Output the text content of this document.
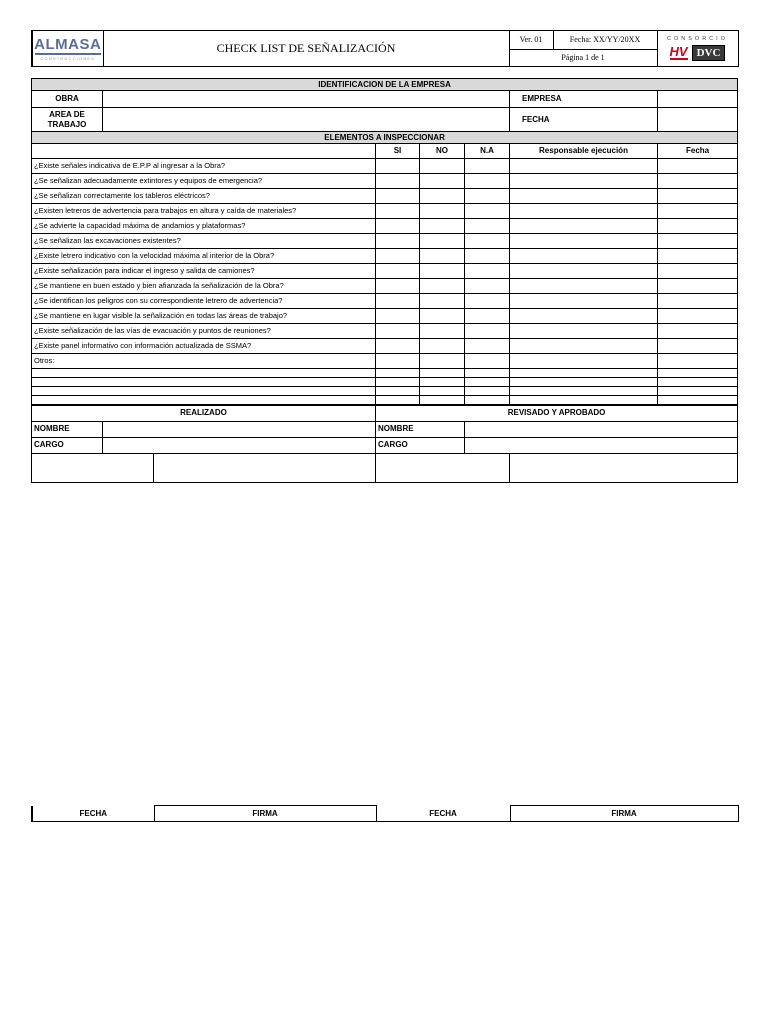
ALMASA
CONSTRUCCIONES
	CHECK LIST DE SEÑALIZACIÓN	Ver. 01	Fecha: XX/YY/20XX	CONSORCIO
HV DVC

Página 1 de 1
IDENTIFICACION DE LA EMPRESA							
OBRA						EMPRESA	
AREA DE TRABAJO						FECHA	
ELEMENTOS A INSPECCIONAR							
			SI	NO	N.A	Responsable ejecución	Fecha
¿Existe señales indicativa de E.P.P al ingresar a la Obra?							
¿Se señalizan adecuadamente extintores y equipos de emergencia?							
¿Se señalizan correctamente los tableros eléctricos?							
¿Existen letreros de advertencia para trabajos en altura y caída de materiales?							
¿Se advierte la capacidad máxima de andamios y plataformas?							
¿Se señalizan las excavaciones existentes?							
¿Existe letrero indicativo con la velocidad máxima al interior de la Obra?							
¿Existe señalización para indicar el ingreso y salida de camiones?							
¿Se mantiene en buen estado y bien afianzada la señalización de la Obra?							
¿Se identifican los peligros con su correspondiente letrero de advertencia?							
¿Se mantiene en lugar visible la señalización en todas las áreas de trabajo?							
¿Existe señalización de las vías de evacuación y puntos de reuniones?							
¿Existe panel informativo con información actualizada de SSMA?							
Otros:							

REALIZADO			REVISADO Y APROBADO				
NOMBRE			NOMBRE				
CARGO			CARGO				

FECHA	FIRMA	FECHA	FIRMA
